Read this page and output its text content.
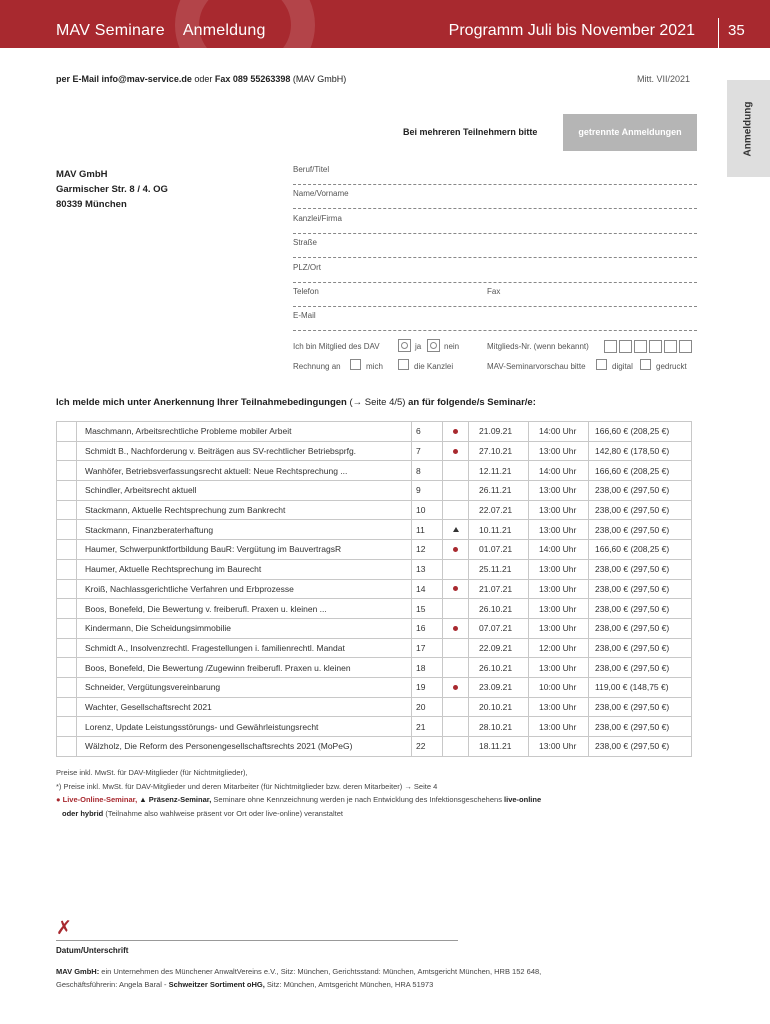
MAV Seminare Anmeldung	Programm Juli bis November 2021 35
Anmeldung
per E-Mail info@mav-service.de oder Fax 089 55263398 (MAV GmbH)	Mitt. VII/2021
Bei mehreren Teilnehmern bitte	getrennte Anmeldungen
MAV GmbH
Garmischer Str. 8 / 4. OG
80339 München
Beruf/Titel
Name/Vorname
Kanzlei/Firma
Straße
PLZ/Ort
Telefon	Fax
E-Mail
Ich bin Mitglied des DAV	ja	nein	Mitglieds-Nr. (wenn bekannt)
Rechnung an	mich	die Kanzlei	MAV-Seminarvorschau bitte	digital	gedruckt
Ich melde mich unter Anerkennung Ihrer Teilnahmebedingungen (→ Seite 4/5) an für folgende/s Seminar/e:
	Maschmann, Arbeitsrechtliche Probleme mobiler Arbeit	6		21.09.21	14:00 Uhr	166,60 € (208,25 €)
	Schmidt B., Nachforderung v. Beiträgen aus SV-rechtlicher Betriebsprfg.	7		27.10.21	13:00 Uhr	142,80 € (178,50 €)
	Wanhöfer, Betriebsverfassungsrecht aktuell: Neue Rechtsprechung ...	8		12.11.21	14:00 Uhr	166,60 € (208,25 €)
	Schindler, Arbeitsrecht aktuell	9		26.11.21	13:00 Uhr	238,00 € (297,50 €)
	Stackmann, Aktuelle Rechtsprechung zum Bankrecht	10		22.07.21	13:00 Uhr	238,00 € (297,50 €)
	Stackmann, Finanzberaterhaftung	11		10.11.21	13:00 Uhr	238,00 € (297,50 €)
	Haumer, Schwerpunktfortbildung BauR: Vergütung im BauvertragsR	12		01.07.21	14:00 Uhr	166,60 € (208,25 €)
	Haumer, Aktuelle Rechtsprechung im Baurecht	13		25.11.21	13:00 Uhr	238,00 € (297,50 €)
	Kroiß, Nachlassgerichtliche Verfahren und Erbprozesse	14		21.07.21	13:00 Uhr	238,00 € (297,50 €)
	Boos, Bonefeld, Die Bewertung v. freiberufl. Praxen u. kleinen ...	15		26.10.21	13:00 Uhr	238,00 € (297,50 €)
	Kindermann, Die Scheidungsimmobilie	16		07.07.21	13:00 Uhr	238,00 € (297,50 €)
	Schmidt A., Insolvenzrechtl. Fragestellungen i. familienrechtl. Mandat	17		22.09.21	12:00 Uhr	238,00 € (297,50 €)
	Boos, Bonefeld, Die Bewertung /Zugewinn freiberufl. Praxen u. kleinen	18		26.10.21	13:00 Uhr	238,00 € (297,50 €)
	Schneider, Vergütungsvereinbarung	19		23.09.21	10:00 Uhr	119,00 € (148,75 €)
	Wachter, Gesellschaftsrecht 2021	20		20.10.21	13:00 Uhr	238,00 € (297,50 €)
	Lorenz, Update Leistungsstörungs- und Gewährleistungsrecht	21		28.10.21	13:00 Uhr	238,00 € (297,50 €)
	Wälzholz, Die Reform des Personengesellschaftsrechts 2021 (MoPeG)	22		18.11.21	13:00 Uhr	238,00 € (297,50 €)
Preise inkl. MwSt. für DAV-Mitglieder (für Nichtmitglieder),
*) Preise inkl. MwSt. für DAV-Mitglieder und deren Mitarbeiter (für Nichtmitglieder bzw. deren Mitarbeiter) → Seite 4
● Live-Online-Seminar, ▲ Präsenz-Seminar, Seminare ohne Kennzeichnung werden je nach Entwicklung des Infektionsgeschehens live-online
oder hybrid (Teilnahme also wahlweise präsent vor Ort oder live-online) veranstaltet
✗
Datum/Unterschrift
MAV GmbH: ein Unternehmen des Münchener AnwaltVereins e.V., Sitz: München, Gerichtsstand: München, Amtsgericht München, HRB 152 648,
Geschäftsführerin: Angela Baral - Schweitzer Sortiment oHG, Sitz: München, Amtsgericht München, HRA 51973
